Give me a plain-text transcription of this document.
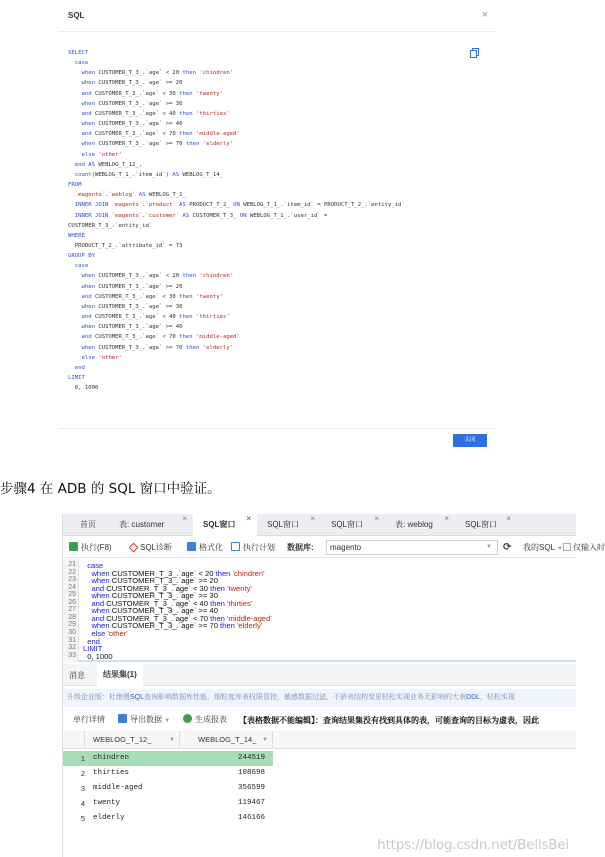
SQL	×
SELECT
case
when CUSTOMER_T_3_.`age` < 20 then 'chindren'
when CUSTOMER_T_3_.`age` >= 20
and CUSTOMER_T_3_.`age` < 30 then 'twenty'
when CUSTOMER_T_3_.`age` >= 30
and CUSTOMER_T_3_.`age` < 40 then 'thirties'
when CUSTOMER_T_3_.`age` >= 40
and CUSTOMER_T_3_.`age` < 70 then 'middle-aged'
when CUSTOMER_T_3_.`age` >= 70 then 'elderly'
else 'other'
end AS WEBLOG_T_12_,
count(WEBLOG_T_1_.`item_id`) AS WEBLOG_T_14_
FROM
`magento`.`weblog` AS WEBLOG_T_1_
INNER JOIN `magento`.`product` AS PRODUCT_T_2_ ON WEBLOG_T_1_.`item_id` = PRODUCT_T_2_.`entity_id`
INNER JOIN `magento`.`customer` AS CUSTOMER_T_3_ ON WEBLOG_T_1_.`user_id` =
CUSTOMER_T_3_.`entity_id`
WHERE
PRODUCT_T_2_.`attribute_id` = 73
GROUP BY
case
when CUSTOMER_T_3_.`age` < 20 then 'chindren'
when CUSTOMER_T_3_.`age` >= 20
and CUSTOMER_T_3_.`age` < 30 then 'twenty'
when CUSTOMER_T_3_.`age` >= 30
and CUSTOMER_T_3_.`age` < 40 then 'thirties'
when CUSTOMER_T_3_.`age` >= 40
and CUSTOMER_T_3_.`age` < 70 then 'middle-aged'
when CUSTOMER_T_3_.`age` >= 70 then 'elderly'
else 'other'
end
LIMIT
0, 1000
关闭
步骤4 在 ADB 的 SQL 窗口中验证。
首页	表: customer
×
SQL窗口
×
SQL窗口
×
SQL窗口
×
表: weblog
×
SQL窗口
×
执行(F8)	SQL诊断	格式化	执行计划 数据库:	magento	▼ ⟳ 我的SQL ▼	仅输入时
21
22
23
24
25
26
27
28
29
30
31
32
33
case
when CUSTOMER_T_3_.`age` < 20 then 'chindren'
when CUSTOMER_T_3_.`age` >= 20
and CUSTOMER_T_3_.`age` < 30 then 'twenty'
when CUSTOMER_T_3_.`age` >= 30
and CUSTOMER_T_3_.`age` < 40 then 'thirties'
when CUSTOMER_T_3_.`age` >= 40
and CUSTOMER_T_3_.`age` < 70 then 'middle-aged'
when CUSTOMER_T_3_.`age` >= 70 then 'elderly'
else 'other'
end
LIMIT
0, 1000
消息	结果集(1)
升级企业版：杜绝慢SQL查询影响数据库性能，细粒度库表权限管控，敏感数据过滤，不骄表结构变更轻松实现业务无影响的大表DDL，轻松实现
单行详情	导出数据 ▼	生成报表 【表格数据不能编辑】：查询结果集没有找到具体的表，可能查询的目标为虚表，因此
WEBLOG_T_12_	▼	WEBLOG_T_14_ ▼
1 chindren	244519
2 thirties	108698
3 middle-aged	356599
4 twenty	119467
5 elderly	146166
https://blog.csdn.net/BellsBei
